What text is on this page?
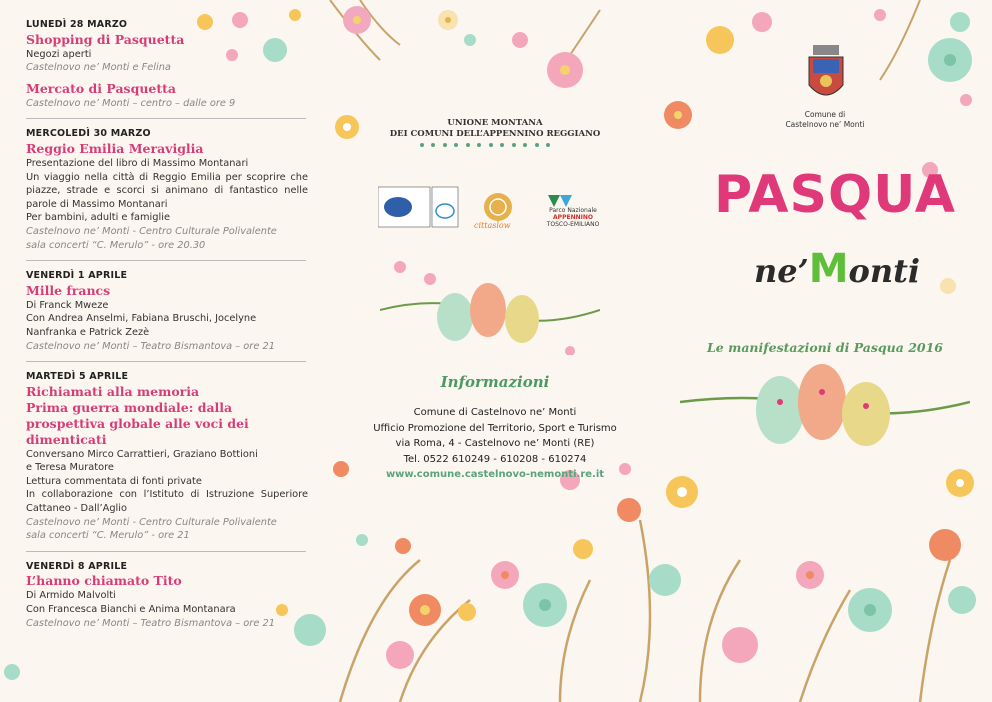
LUNEDÌ 28 MARZO
Shopping di Pasquetta
Negozi aperti
Castelnovo ne’ Monti e Felina
Mercato di Pasquetta
Castelnovo ne’ Monti – centro – dalle ore 9
MERCOLEDÌ 30 MARZO
Reggio Emilia Meraviglia
Presentazione del libro di Massimo Montanari
Un viaggio nella città di Reggio Emilia per scoprire che piazze, strade e scorci si animano di fantastico nelle parole di Massimo Montanari
Per bambini, adulti e famiglie
Castelnovo ne’ Monti - Centro Culturale Polivalente
sala concerti “C. Merulo” - ore 20.30
VENERDÌ 1 APRILE
Mille francs
Di Franck Mweze
Con Andrea Anselmi, Fabiana Bruschi, Jocelyne Nanfranka e Patrick Zezè
Castelnovo ne’ Monti – Teatro Bismantova – ore 21
MARTEDÌ 5 APRILE
Richiamati alla memoria
Prima guerra mondiale: dalla prospettiva globale alle voci dei dimenticati
Conversano Mirco Carrattieri, Graziano Bottioni
e Teresa Muratore
Lettura commentata di fonti private
In collaborazione con l’Istituto di Istruzione Superiore Cattaneo - Dall’Aglio
Castelnovo ne’ Monti - Centro Culturale Polivalente
sala concerti “C. Merulo” - ore 21
VENERDÌ 8 APRILE
L’hanno chiamato Tito
Di Armido Malvolti
Con Francesca Bianchi e Anima Montanara
Castelnovo ne’ Monti – Teatro Bismantova – ore 21
UNIONE MONTANA
DEI COMUNI DELL’APPENNINO REGGIANO
cittaslow
Parco Nazionale
APPENNINO
TOSCO-EMILIANO
Informazioni
Comune di Castelnovo ne’ Monti
Ufficio Promozione del Territorio, Sport e Turismo
via Roma, 4 - Castelnovo ne’ Monti (RE)
Tel. 0522 610249 - 610208 - 610274
www.comune.castelnovo-nemonti.re.it
Comune di
Castelnovo ne’ Monti
PASQUA
ne’Monti
Le manifestazioni di Pasqua 2016
